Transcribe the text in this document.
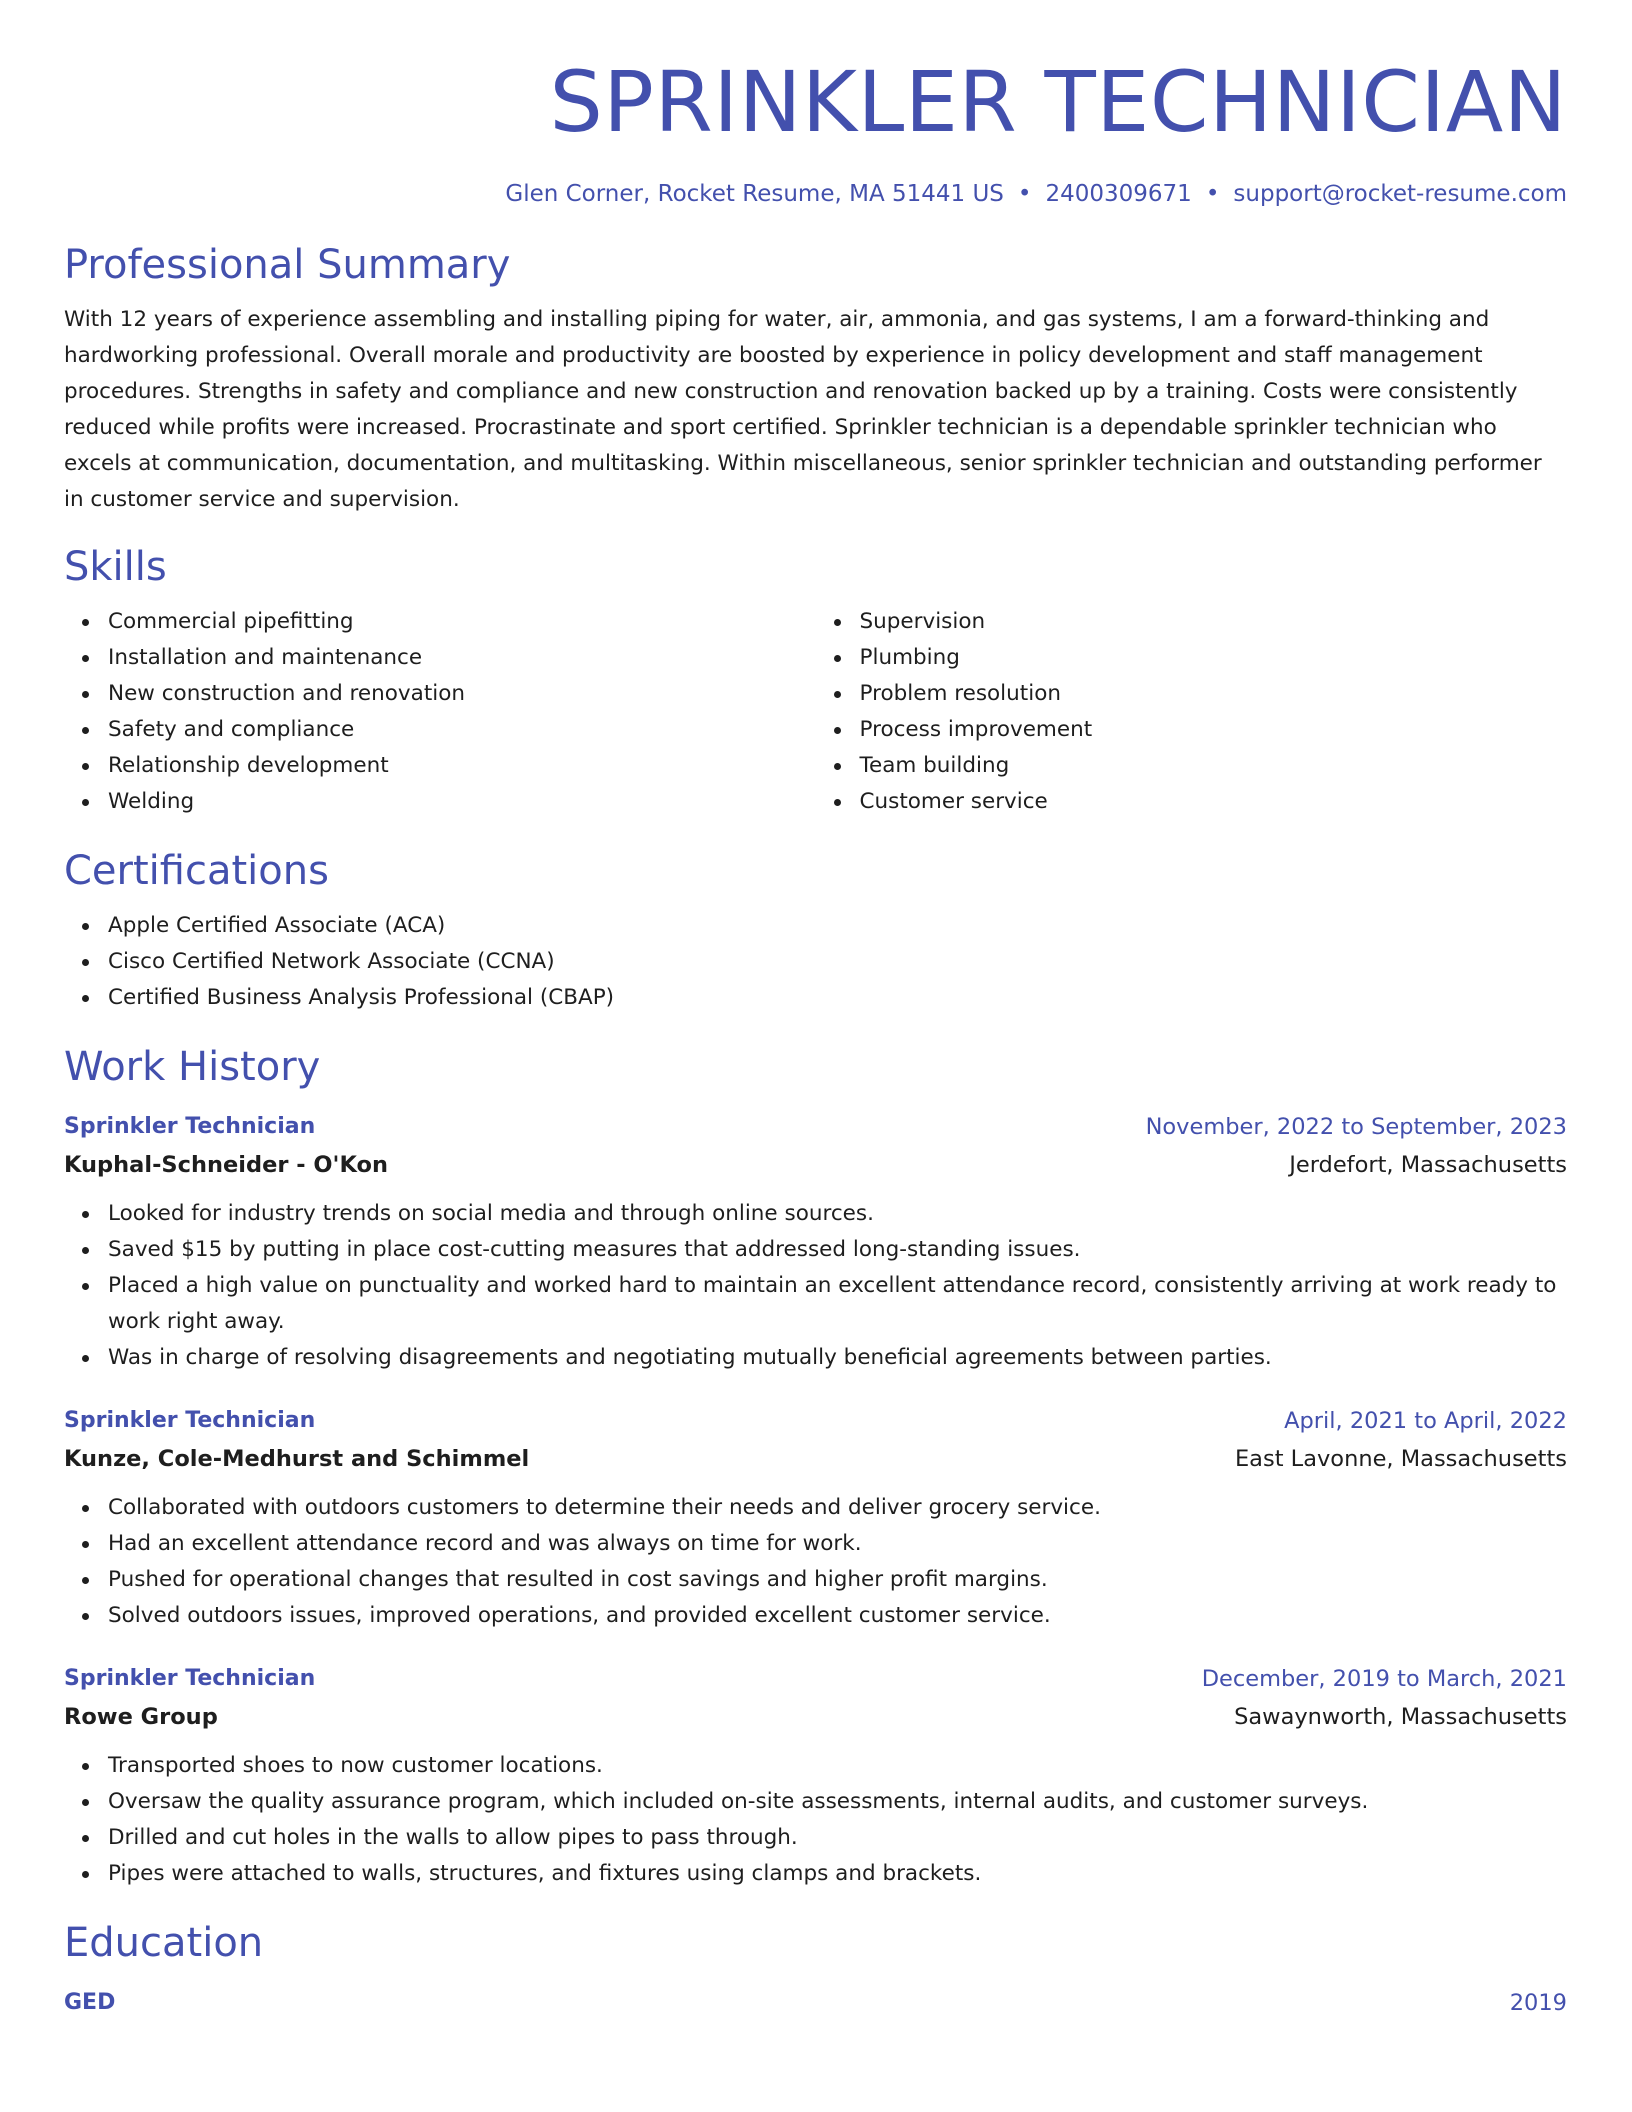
SPRINKLER TECHNICIAN
Glen Corner, Rocket Resume, MA 51441 US • 2400309671 • support@rocket-resume.com
Professional Summary

With 12 years of experience assembling and installing piping for water, air, ammonia, and gas systems, I am a forward-thinking and hardworking professional. Overall morale and productivity are boosted by experience in policy development and staff management procedures. Strengths in safety and compliance and new construction and renovation backed up by a training. Costs were consistently reduced while profits were increased. Procrastinate and sport certified. Sprinkler technician is a dependable sprinkler technician who excels at communication, documentation, and multitasking. Within miscellaneous, senior sprinkler technician and outstanding performer in customer service and supervision.

Skills
Commercial pipefitting
Installation and maintenance
New construction and renovation
Safety and compliance
Relationship development
Welding
Supervision
Plumbing
Problem resolution
Process improvement
Team building
Customer service
Certifications
Apple Certified Associate (ACA)
Cisco Certified Network Associate (CCNA)
Certified Business Analysis Professional (CBAP)
Work History
Sprinkler Technician	November, 2022 to September, 2023
Kuphal-Schneider - O'Kon	Jerdefort, Massachusetts
Looked for industry trends on social media and through online sources.
Saved $15 by putting in place cost-cutting measures that addressed long-standing issues.
Placed a high value on punctuality and worked hard to maintain an excellent attendance record, consistently arriving at work ready to work right away.
Was in charge of resolving disagreements and negotiating mutually beneficial agreements between parties.
Sprinkler Technician	April, 2021 to April, 2022
Kunze, Cole-Medhurst and Schimmel	East Lavonne, Massachusetts
Collaborated with outdoors customers to determine their needs and deliver grocery service.
Had an excellent attendance record and was always on time for work.
Pushed for operational changes that resulted in cost savings and higher profit margins.
Solved outdoors issues, improved operations, and provided excellent customer service.
Sprinkler Technician	December, 2019 to March, 2021
Rowe Group	Sawaynworth, Massachusetts
Transported shoes to now customer locations.
Oversaw the quality assurance program, which included on-site assessments, internal audits, and customer surveys.
Drilled and cut holes in the walls to allow pipes to pass through.
Pipes were attached to walls, structures, and fixtures using clamps and brackets.
Education
GED	2019
